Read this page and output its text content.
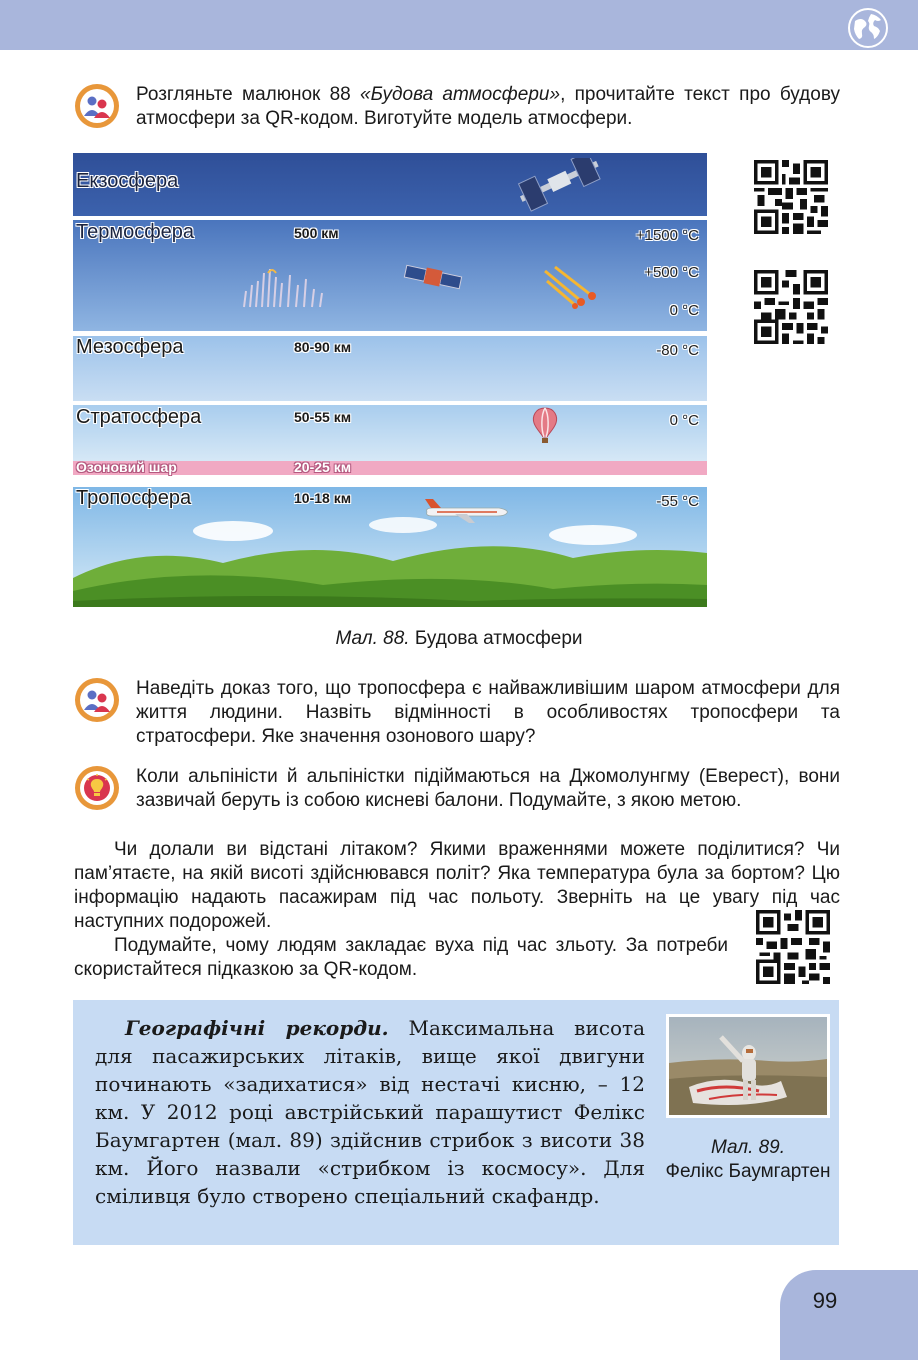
Розгляньте малюнок 88 «Будова атмосфери», прочитайте текст про будову атмосфери за QR-кодом. Виготуйте модель атмосфери.

Екзосфера
Термосфера	500 км	+1500 °C
+500 °C
0 °C
Мезосфера	80-90 км	-80 °C
Стратосфера	50-55 км	0 °C
Озоновий шар	20-25 км
Тропосфера	10-18 км	-55 °C
Мал. 88. Будова атмосфери

Наведіть доказ того, що тропосфера є найважливішим шаром атмосфери для життя людини. Назвіть відмінності в особливостях тропосфери та стратосфери. Яке значення озонового шару?

Коли альпіністи й альпіністки підіймаються на Джомолунгму (Еверест), вони зазвичай беруть із собою кисневі балони. Подумайте, з якою метою.

Чи долали ви відстані літаком? Якими враженнями можете поділитися? Чи пам’ятаєте, на якій висоті здійснювався політ? Яка температура була за бортом? Цю інформацію надають пасажирам під час польоту. Зверніть на це увагу під час наступних подорожей.

Подумайте, чому людям закладає вуха під час зльоту. За потреби скористайтеся підказкою за QR-кодом.

Географічні рекорди. Максимальна висота для пасажирських літаків, вище якої двигуни починають «задихатися» від нестачі кисню, – 12 км. У 2012 році австрійський парашутист Фелікс Баумгартен (мал. 89) здійснив стрибок з висоти 38 км. Його назвали «стрибком із космосу». Для сміливця було створено спеціальний скафандр.

Мал. 89.
Фелікс Баумгартен
99
